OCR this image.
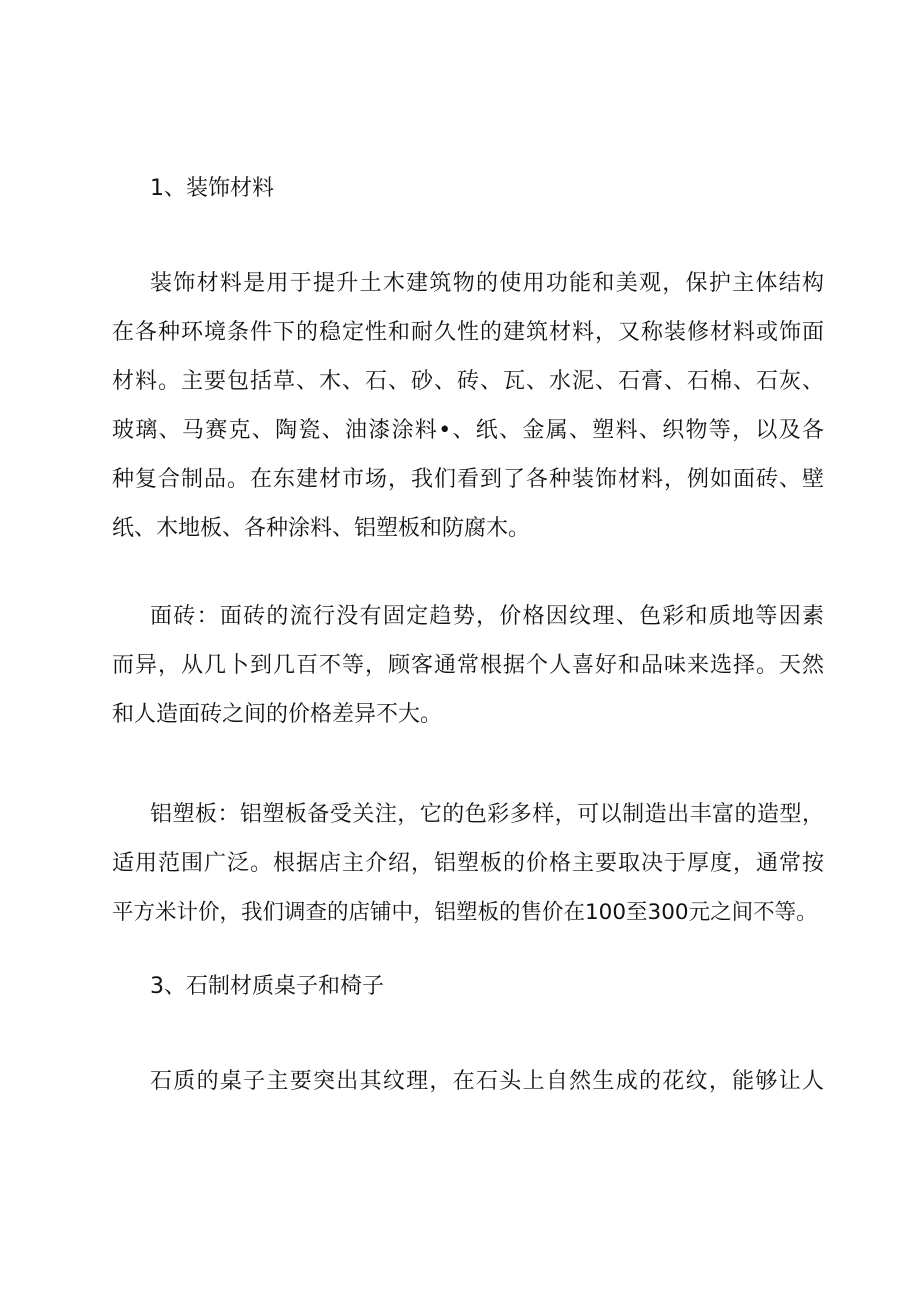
1、装饰材料
装饰材料是用于提升土木建筑物的使用功能和美观，保护主体结构
在各种环境条件下的稳定性和耐久性的建筑材料，又称装修材料或饰面
材料。主要包括草、木、石、砂、砖、瓦、水泥、石膏、石棉、石灰、
玻璃、马赛克、陶瓷、油漆涂料•、纸、金属、塑料、织物等，以及各
种复合制品。在东建材市场，我们看到了各种装饰材料，例如面砖、壁
纸、木地板、各种涂料、铝塑板和防腐木。
面砖：面砖的流行没有固定趋势，价格因纹理、色彩和质地等因素
而异，从几卜到几百不等，顾客通常根据个人喜好和品味来选择。天然
和人造面砖之间的价格差异不大。
铝塑板：铝塑板备受关注，它的色彩多样，可以制造出丰富的造型，
适用范围广泛。根据店主介绍，铝塑板的价格主要取决于厚度，通常按
平方米计价，我们调查的店铺中，铝塑板的售价在100至300元之间不等。
3、石制材质桌子和椅子
石质的桌子主要突出其纹理，在石头上自然生成的花纹，能够让人
